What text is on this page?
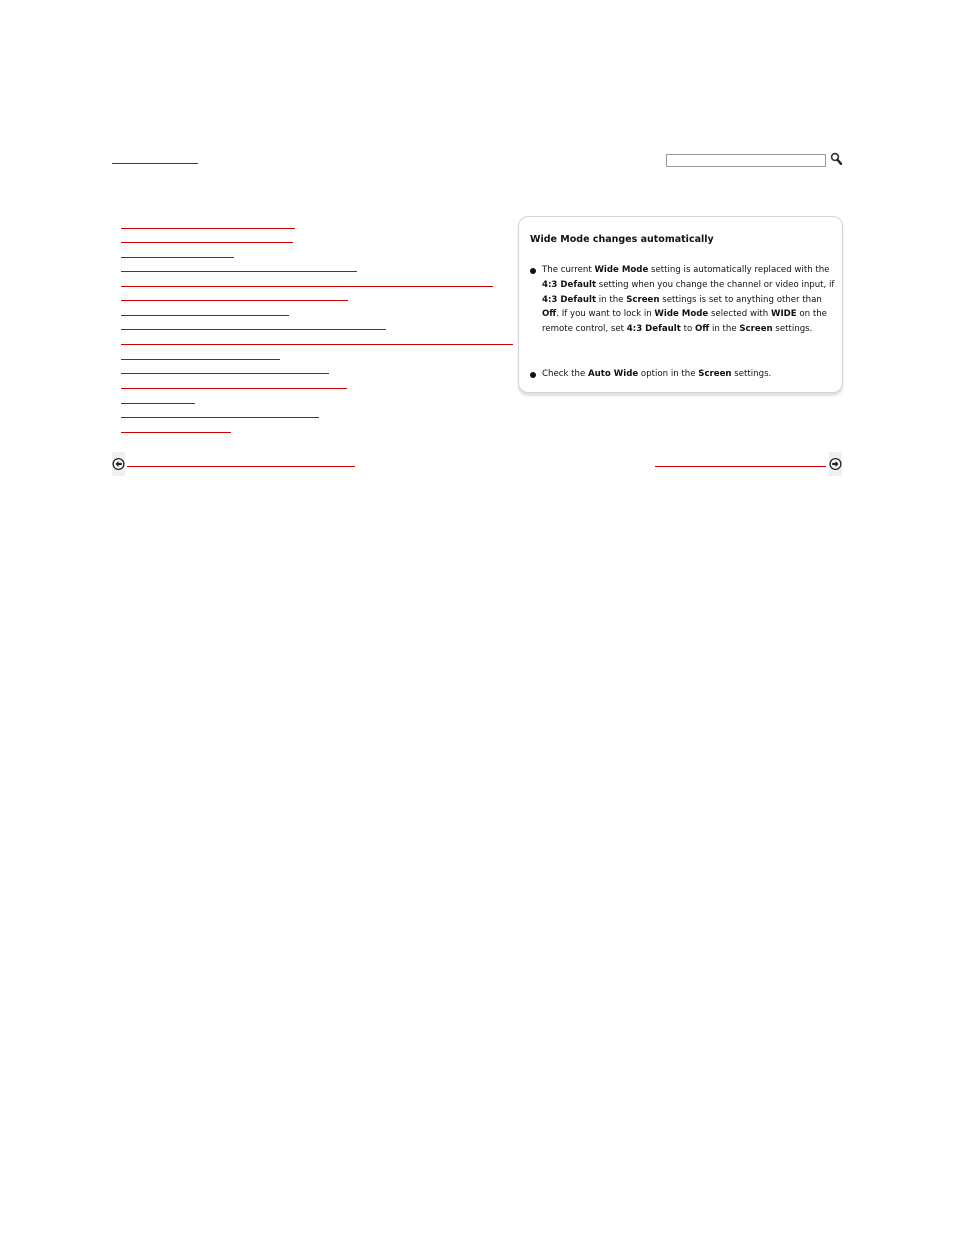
Wide Mode changes automatically
The current Wide Mode setting is automatically replaced with the 4:3 Default setting when you change the channel or video input, if 4:3 Default in the Screen settings is set to anything other than Off. If you want to lock in Wide Mode selected with WIDE on the remote control, set 4:3 Default to Off in the Screen settings.
Check the Auto Wide option in the Screen settings.
